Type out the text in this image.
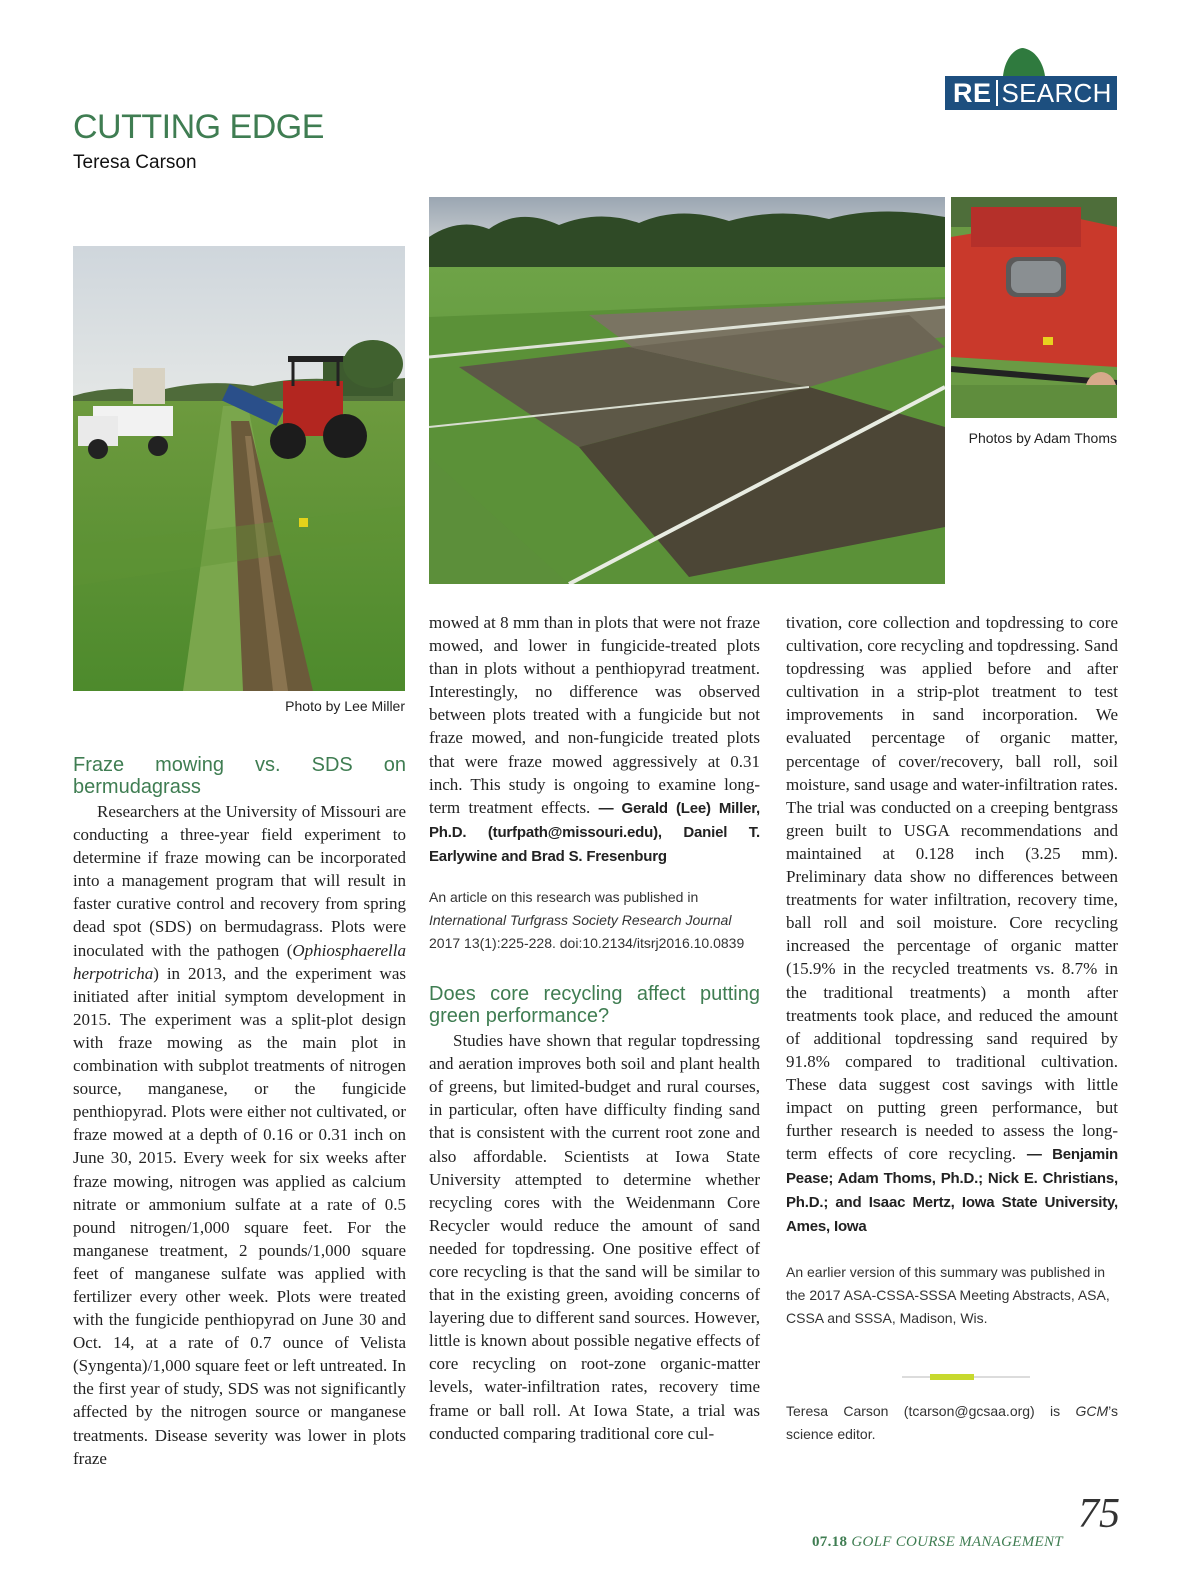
RE SEARCH
CUTTING EDGE

Teresa Carson

Photo by Lee Miller
Photos by Adam Thoms
Fraze mowing vs. SDS on bermudagrass

Researchers at the University of Missouri are conducting a three-year field experiment to determine if fraze mowing can be incorporated into a management program that will result in faster curative control and recovery from spring dead spot (SDS) on bermudagrass. Plots were inoculated with the pathogen (Ophiosphaerella herpotricha) in 2013, and the experiment was initiated after initial symptom development in 2015. The experiment was a split-plot design with fraze mowing as the main plot in combination with subplot treatments of nitrogen source, manganese, or the fungicide penthiopyrad. Plots were either not cultivated, or fraze mowed at a depth of 0.16 or 0.31 inch on June 30, 2015. Every week for six weeks after fraze mowing, nitrogen was applied as calcium nitrate or ammonium sulfate at a rate of 0.5 pound nitrogen/1,000 square feet. For the manganese treatment, 2 pounds/1,000 square feet of manganese sulfate was applied with fertilizer every other week. Plots were treated with the fungicide penthiopyrad on June 30 and Oct. 14, at a rate of 0.7 ounce of Velista (Syngenta)/1,000 square feet or left untreated. In the first year of study, SDS was not significantly affected by the nitrogen source or manganese treatments. Disease severity was lower in plots fraze

mowed at 8 mm than in plots that were not fraze mowed, and lower in fungicide-treated plots than in plots without a penthiopyrad treatment. Interestingly, no difference was observed between plots treated with a fungicide but not fraze mowed, and non-fungicide treated plots that were fraze mowed aggressively at 0.31 inch. This study is ongoing to examine long-term treatment effects. — Gerald (Lee) Miller, Ph.D. (turfpath@missouri.edu), Daniel T. Earlywine and Brad S. Fresenburg

An article on this research was published in International Turfgrass Society Research Journal 2017 13(1):225-228. doi:10.2134/itsrj2016.10.0839

Does core recycling affect putting green performance?

Studies have shown that regular topdressing and aeration improves both soil and plant health of greens, but limited-budget and rural courses, in particular, often have difficulty finding sand that is consistent with the current root zone and also affordable. Scientists at Iowa State University attempted to determine whether recycling cores with the Weidenmann Core Recycler would reduce the amount of sand needed for topdressing. One positive effect of core recycling is that the sand will be similar to that in the existing green, avoiding concerns of layering due to different sand sources. However, little is known about possible negative effects of core recycling on root-zone organic-matter levels, water-infiltration rates, recovery time frame or ball roll. At Iowa State, a trial was conducted comparing traditional core cul-

tivation, core collection and topdressing to core cultivation, core recycling and topdressing. Sand topdressing was applied before and after cultivation in a strip-plot treatment to test improvements in sand incorporation. We evaluated percentage of organic matter, percentage of cover/recovery, ball roll, soil moisture, sand usage and water-infiltration rates. The trial was conducted on a creeping bentgrass green built to USGA recommendations and maintained at 0.128 inch (3.25 mm). Preliminary data show no differences between treatments for water infiltration, recovery time, ball roll and soil moisture. Core recycling increased the percentage of organic matter (15.9% in the recycled treatments vs. 8.7% in the traditional treatments) a month after treatments took place, and reduced the amount of additional topdressing sand required by 91.8% compared to traditional cultivation. These data suggest cost savings with little impact on putting green performance, but further research is needed to assess the long-term effects of core recycling. — Benjamin Pease; Adam Thoms, Ph.D.; Nick E. Christians, Ph.D.; and Isaac Mertz, Iowa State University, Ames, Iowa

An earlier version of this summary was published in the 2017 ASA-CSSA-SSSA Meeting Abstracts, ASA, CSSA and SSSA, Madison, Wis.

Teresa Carson (tcarson@gcsaa.org) is GCM’s science editor.

07.18 GOLF COURSE MANAGEMENT
75
